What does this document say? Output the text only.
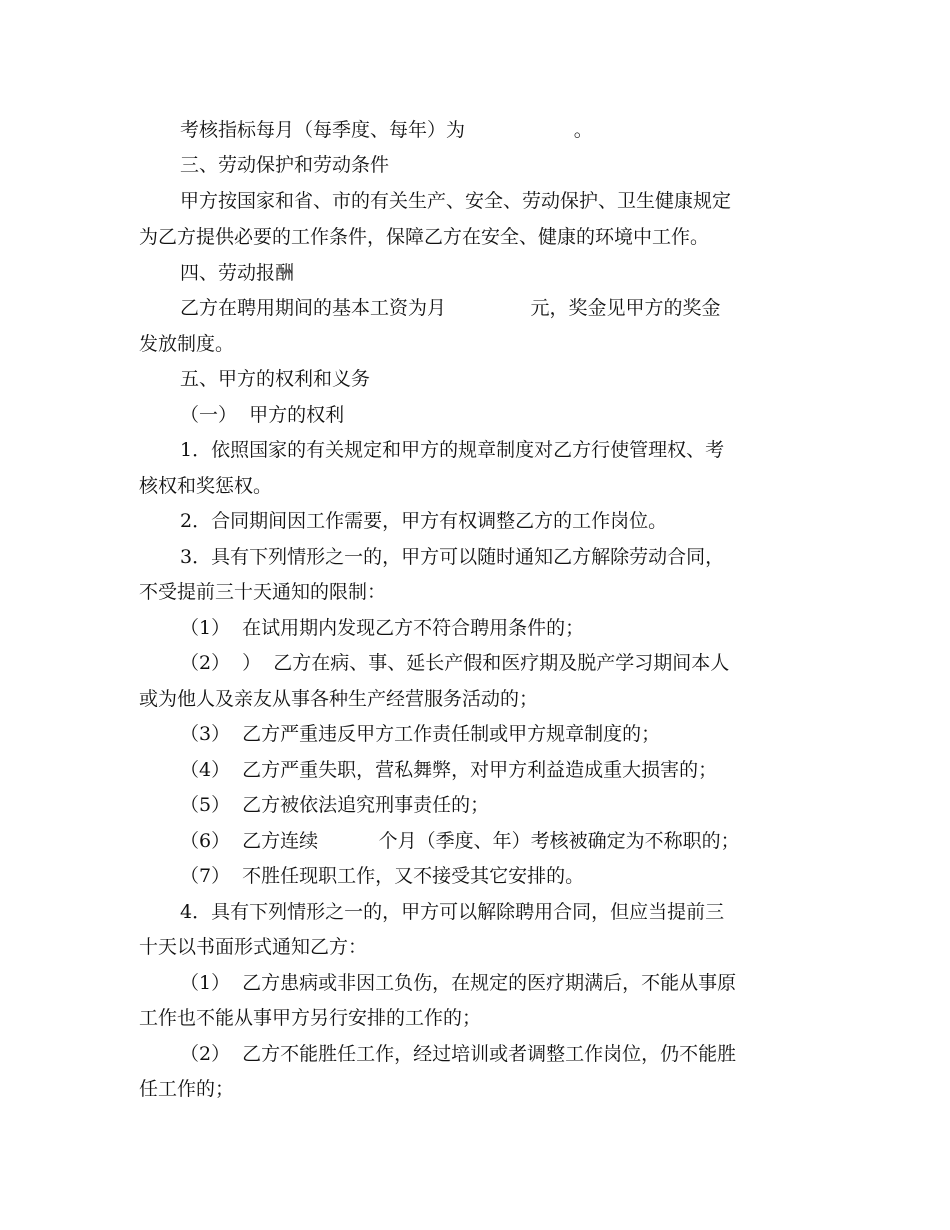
考核指标每月（每季度、每年）为                  。

三、劳动保护和劳动条件

甲方按国家和省、市的有关生产、安全、劳动保护、卫生健康规定

为乙方提供必要的工作条件，保障乙方在安全、健康的环境中工作。

四、劳动报酬

乙方在聘用期间的基本工资为月              元，奖金见甲方的奖金

发放制度。

五、甲方的权利和义务

（一）  甲方的权利

1．依照国家的有关规定和甲方的规章制度对乙方行使管理权、考

核权和奖惩权。

2．合同期间因工作需要，甲方有权调整乙方的工作岗位。

3．具有下列情形之一的，甲方可以随时通知乙方解除劳动合同，

不受提前三十天通知的限制：

（1）  在试用期内发现乙方不符合聘用条件的；

（2）  ）  乙方在病、事、延长产假和医疗期及脱产学习期间本人

或为他人及亲友从事各种生产经营服务活动的；

（3）  乙方严重违反甲方工作责任制或甲方规章制度的；

（4）  乙方严重失职，营私舞弊，对甲方利益造成重大损害的；

（5）  乙方被依法追究刑事责任的；

（6）  乙方连续          个月（季度、年）考核被确定为不称职的；

（7）  不胜任现职工作，又不接受其它安排的。

4．具有下列情形之一的，甲方可以解除聘用合同，但应当提前三

十天以书面形式通知乙方：

（1）  乙方患病或非因工负伤，在规定的医疗期满后，不能从事原

工作也不能从事甲方另行安排的工作的；

（2）  乙方不能胜任工作，经过培训或者调整工作岗位，仍不能胜

任工作的；
